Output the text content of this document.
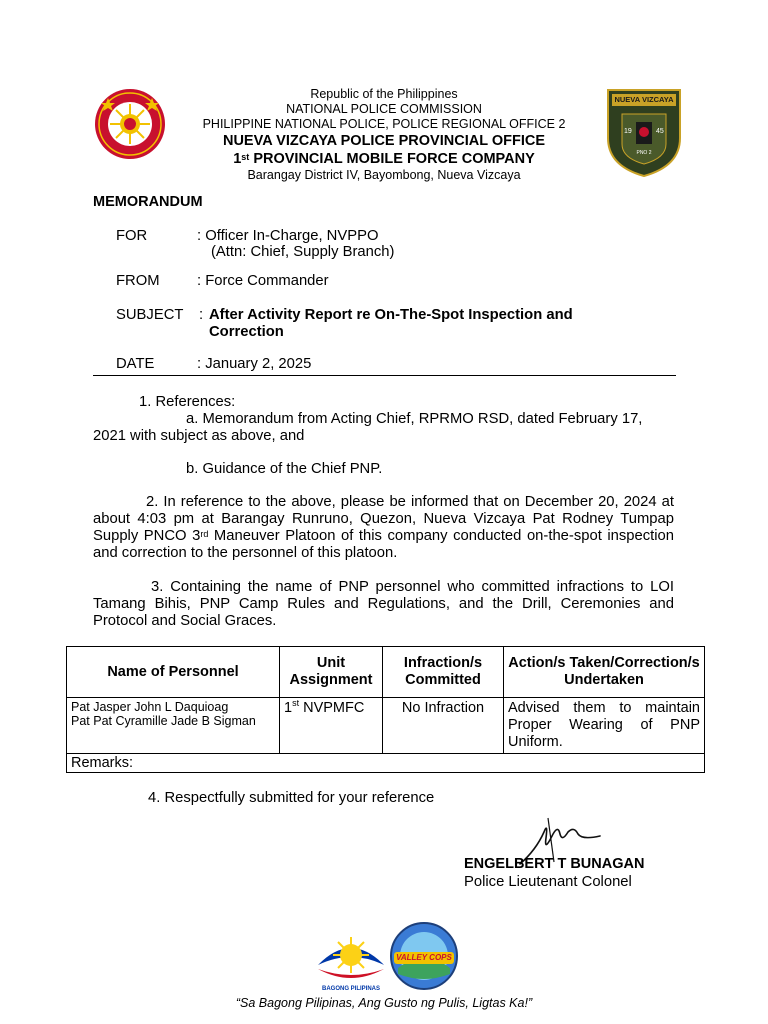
NUEVA VIZCAYA
19	45
PNO 2
Republic of the Philippines
NATIONAL POLICE COMMISSION
PHILIPPINE NATIONAL POLICE, POLICE REGIONAL OFFICE 2
NUEVA VIZCAYA POLICE PROVINCIAL OFFICE
1st PROVINCIAL MOBILE FORCE COMPANY
Barangay District IV, Bayombong, Nueva Vizcaya
MEMORANDUM
FOR	: Officer In-Charge, NVPPO
(Attn: Chief, Supply Branch)
FROM	: Force Commander
SUBJECT : After Activity Report re On-The-Spot Inspection and
Correction
DATE	: January 2, 2025
1. References:
a. Memorandum from Acting Chief, RPRMO RSD, dated February 17,
2021 with subject as above, and
b. Guidance of the Chief PNP.
2. In reference to the above, please be informed that on December 20, 2024 at about 4:03 pm at Barangay Runruno, Quezon, Nueva Vizcaya Pat Rodney Tumpap Supply PNCO 3rd Maneuver Platoon of this company conducted on-the-spot inspection and correction to the personnel of this platoon.
3. Containing the name of PNP personnel who committed infractions to LOI Tamang Bihis, PNP Camp Rules and Regulations, and the Drill, Ceremonies and Protocol and Social Graces.
Name of Personnel	Unit Assignment	Infraction/s Committed	Action/s Taken/Correction/s Undertaken

Pat Jasper John L Daquioag
Pat Pat Cyramille Jade B Sigman	1st NVPMFC	No Infraction	Advised them to maintain Proper Wearing of PNP Uniform.
Remarks:			
4. Respectfully submitted for your reference
ENGELBERT T BUNAGAN
Police Lieutenant Colonel
BAGONG PILIPINAS
VALLEY COPS
“Sa Bagong Pilipinas, Ang Gusto ng Pulis, Ligtas Ka!”
